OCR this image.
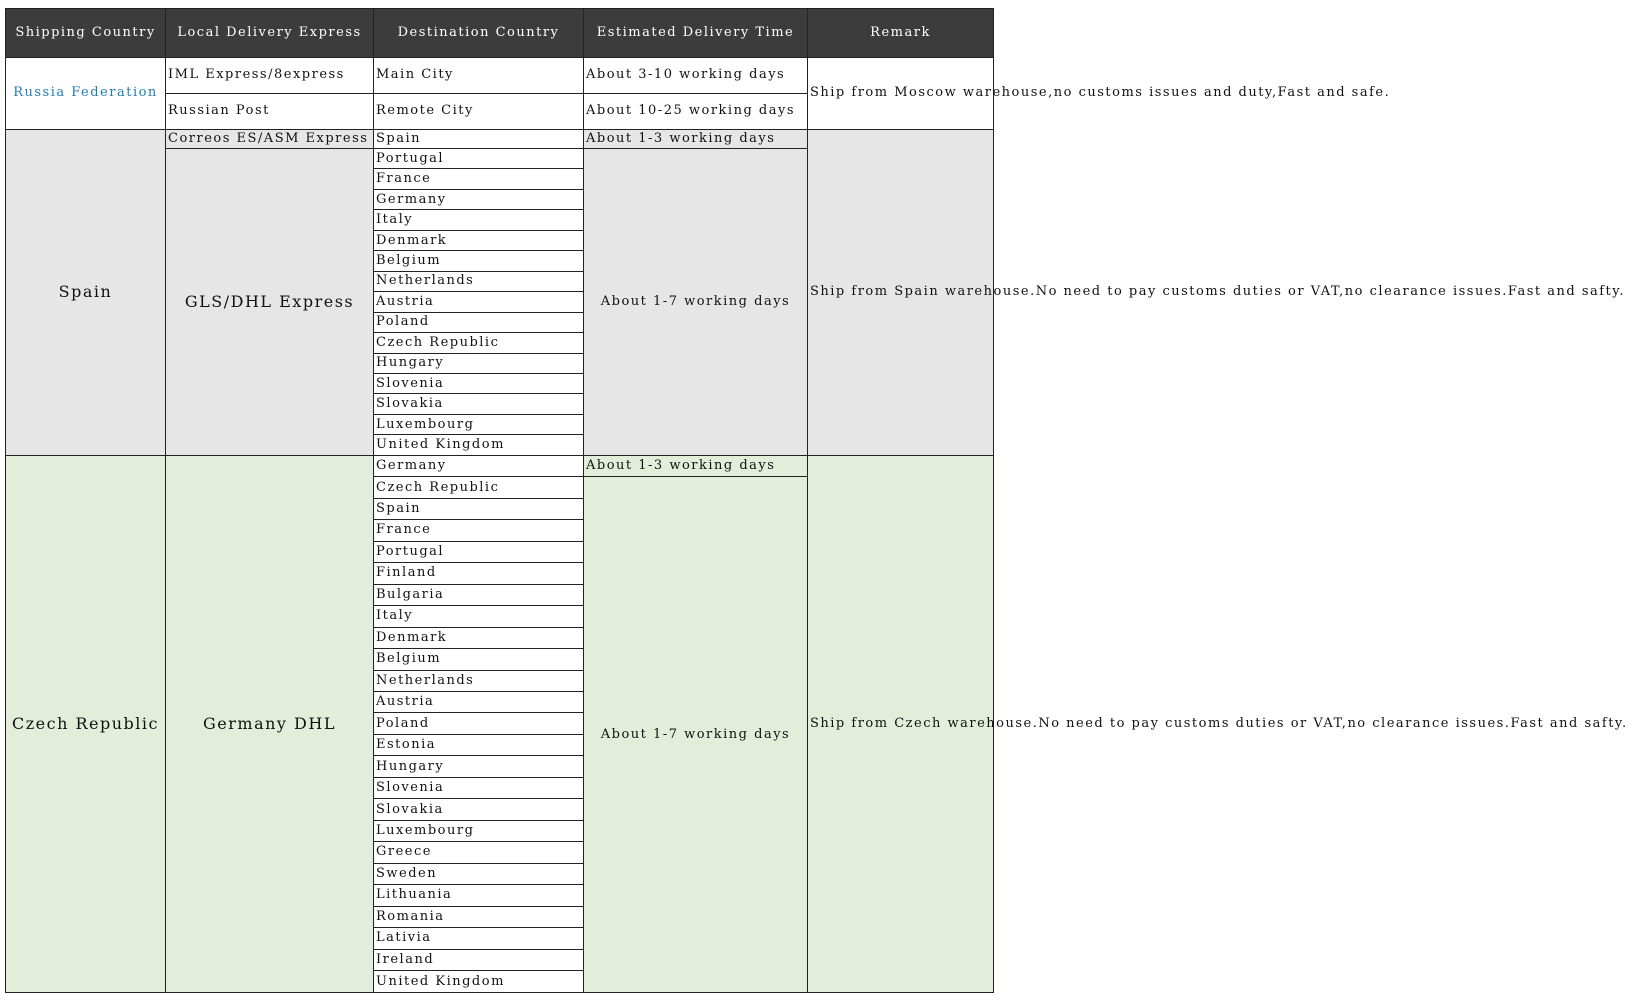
Shipping Country	Local Delivery Express	Destination Country	Estimated Delivery Time	Remark
Russia Federation	IML Express/8express	Main City	About 3-10 working days	Ship from Moscow warehouse,no customs issues and duty,Fast and safe.
	Russian Post	Remote City	About 10-25 working days	
Spain	Correos ES/ASM Express	Spain	About 1-3 working days	Ship from Spain warehouse.No need to pay customs duties or VAT,no clearance issues.Fast and safty.
	GLS/DHL Express	Portugal	About 1-7 working days	
		France		
		Germany		
		Italy		
		Denmark		
		Belgium		
		Netherlands		
		Austria		
		Poland		
		Czech Republic		
		Hungary		
		Slovenia		
		Slovakia		
		Luxembourg		
		United Kingdom		
Czech Republic	Germany DHL	Germany	About 1-3 working days	Ship from Czech warehouse.No need to pay customs duties or VAT,no clearance issues.Fast and safty.
		Czech Republic	About 1-7 working days	
		Spain		
		France		
		Portugal		
		Finland		
		Bulgaria		
		Italy		
		Denmark		
		Belgium		
		Netherlands		
		Austria		
		Poland		
		Estonia		
		Hungary		
		Slovenia		
		Slovakia		
		Luxembourg		
		Greece		
		Sweden		
		Lithuania		
		Romania		
		Lativia		
		Ireland		
		United Kingdom		
